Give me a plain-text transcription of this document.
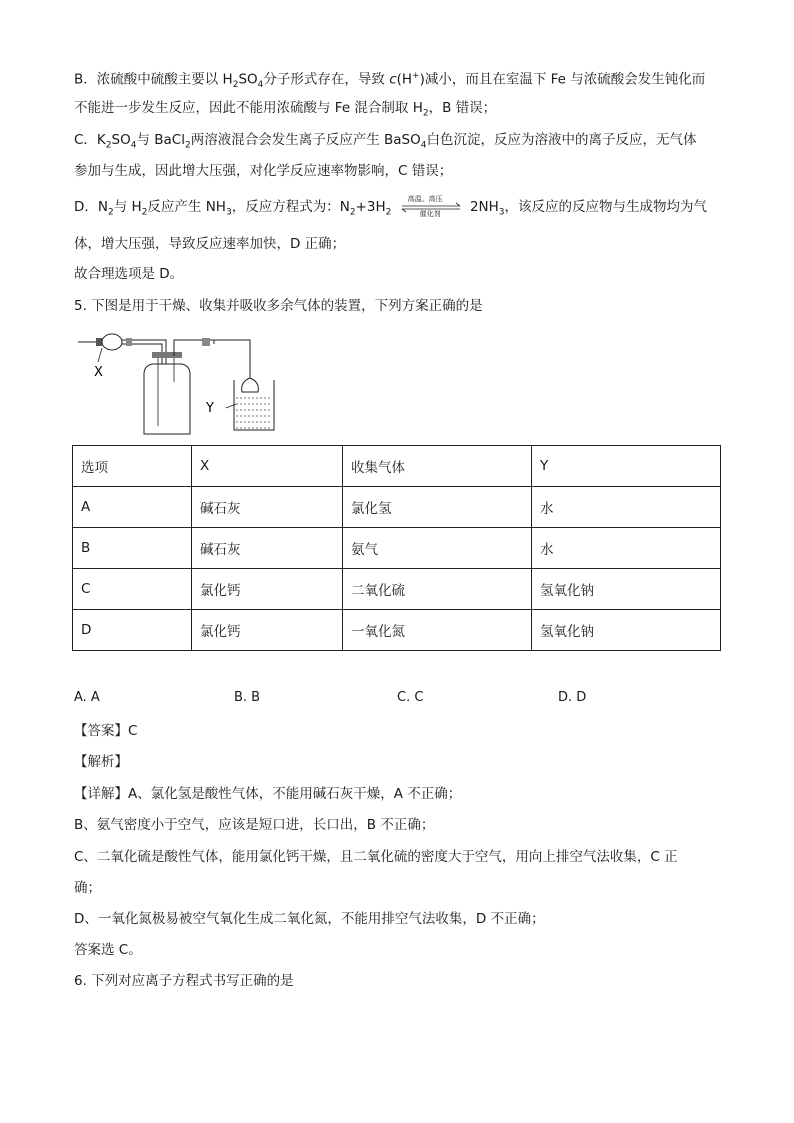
B．浓硫酸中硫酸主要以 $H_2SO_4$分子形式存在，导致 c(H+)减小，而且在室温下 Fe 与浓硫酸会发生钝化而
不能进一步发生反应，因此不能用浓硫酸与 Fe 混合制取 $H_2$，B 错误；
C．$K_2SO_4$与 BaCl$_2$两溶液混合会发生离子反应产生 BaSO$_4$白色沉淀，反应为溶液中的离子反应，无气体
参加与生成，因此增大压强，对化学反应速率物影响，C 错误；
D．$N_2$与 $H_2$反应产生 $NH_3$，反应方程式为：$N_2+3H_2$
高温、高压
催化剂 $2NH_3$，该反应的反应物与生成物均为气
体，增大压强，导致反应速率加快，D 正确；
故合理选项是 D。
5. 下图是用于干燥、收集并吸收多余气体的装置，下列方案正确的是
X
Y
选项	X	收集气体	Y
A	碱石灰	氯化氢	水
B	碱石灰	氨气	水
C	氯化钙	二氧化硫	氢氧化钠
D	氯化钙	一氧化氮	氢氧化钠
A. A	B. B	C. C	D. D
【答案】C
【解析】
【详解】A、氯化氢是酸性气体，不能用碱石灰干燥，A 不正确；
B、氨气密度小于空气，应该是短口进，长口出，B 不正确；
C、二氧化硫是酸性气体，能用氯化钙干燥，且二氧化硫的密度大于空气，用向上排空气法收集，C 正
确；
D、一氧化氮极易被空气氧化生成二氧化氮，不能用排空气法收集，D 不正确；
答案选 C。
6. 下列对应离子方程式书写正确的是
